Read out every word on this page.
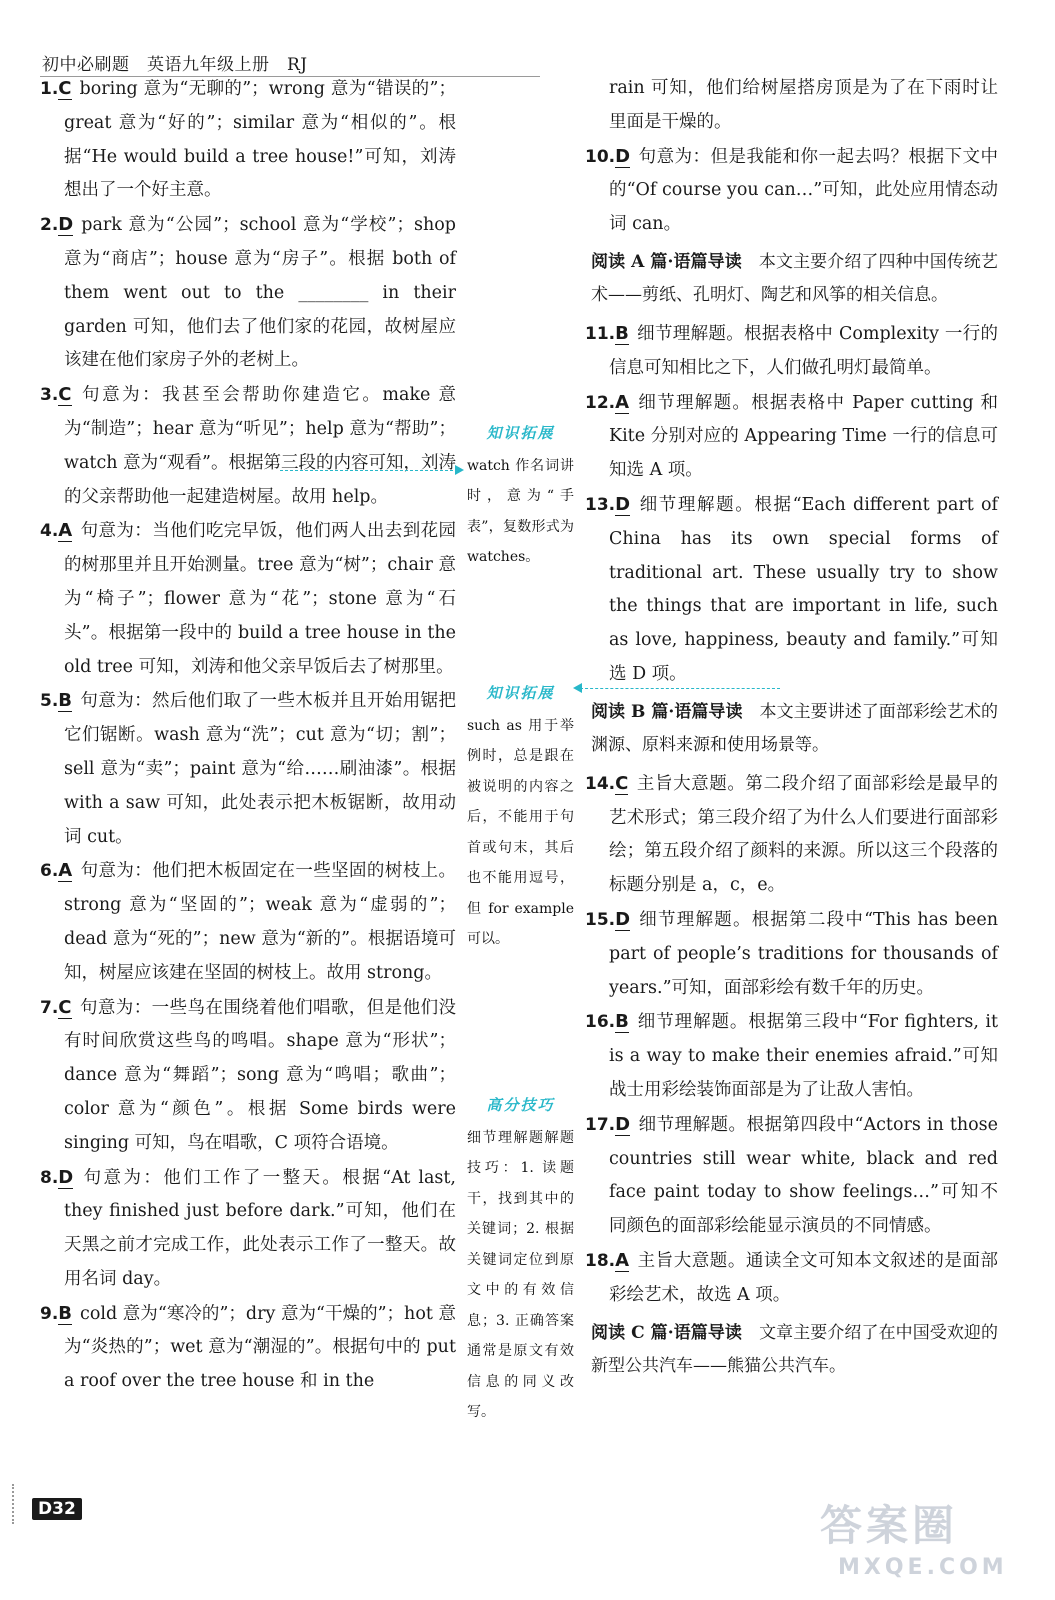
初中必刷题　英语九年级上册　RJ
1.C boring 意为“无聊的”；wrong 意为“错误的”；great 意为“好的”；similar 意为“相似的”。根据“He would build a tree house!”可知，刘涛想出了一个好主意。
2.D park 意为“公园”；school 意为“学校”；shop 意为“商店”；house 意为“房子”。根据 both of them went out to the ________ in their garden 可知，他们去了他们家的花园，故树屋应该建在他们家房子外的老树上。
3.C 句意为：我甚至会帮助你建造它。make 意为“制造”；hear 意为“听见”；help 意为“帮助”；watch 意为“观看”。根据第三段的内容可知，刘涛的父亲帮助他一起建造树屋。故用 help。
4.A 句意为：当他们吃完早饭，他们两人出去到花园的树那里并且开始测量。tree 意为“树”；chair 意为“椅子”；flower 意为“花”；stone 意为“石头”。根据第一段中的 build a tree house in the old tree 可知，刘涛和他父亲早饭后去了树那里。
5.B 句意为：然后他们取了一些木板并且开始用锯把它们锯断。wash 意为“洗”；cut 意为“切；割”；sell 意为“卖”；paint 意为“给……刷油漆”。根据 with a saw 可知，此处表示把木板锯断，故用动词 cut。
6.A 句意为：他们把木板固定在一些坚固的树枝上。strong 意为“坚固的”；weak 意为“虚弱的”；dead 意为“死的”；new 意为“新的”。根据语境可知，树屋应该建在坚固的树枝上。故用 strong。
7.C 句意为：一些鸟在围绕着他们唱歌，但是他们没有时间欣赏这些鸟的鸣唱。shape 意为“形状”；dance 意为“舞蹈”；song 意为“鸣唱；歌曲”；color 意为“颜色”。根据 Some birds were singing 可知，鸟在唱歌，C 项符合语境。
8.D 句意为：他们工作了一整天。根据“At last, they finished just before dark.”可知，他们在天黑之前才完成工作，此处表示工作了一整天。故用名词 day。
9.B cold 意为“寒冷的”；dry 意为“干燥的”；hot 意为“炎热的”；wet 意为“潮湿的”。根据句中的 put a roof over the tree house 和 in the
知识拓展
watch 作名词讲时，意为“手表”，复数形式为 watches。
知识拓展
such as 用于举例时，总是跟在被说明的内容之后，不能用于句首或句末，其后也不能用逗号，但 for example 可以。
高分技巧
细节理解题解题技巧：1. 读题干，找到其中的关键词；2. 根据关键词定位到原文中的有效信息；3. 正确答案通常是原文有效信息的同义改写。
rain 可知，他们给树屋搭房顶是为了在下雨时让里面是干燥的。
10.D 句意为：但是我能和你一起去吗？根据下文中的“Of course you can…”可知，此处应用情态动词 can。
阅读 A 篇·语篇导读　 本文主要介绍了四种中国传统艺术——剪纸、孔明灯、陶艺和风筝的相关信息。
11.B 细节理解题。根据表格中 Complexity 一行的信息可知相比之下，人们做孔明灯最简单。
12.A 细节理解题。根据表格中 Paper cutting 和 Kite 分别对应的 Appearing Time 一行的信息可知选 A 项。
13.D 细节理解题。根据“Each different part of China has its own special forms of traditional art. These usually try to show the things that are important in life, such as love, happiness, beauty and family.”可知选 D 项。
阅读 B 篇·语篇导读　 本文主要讲述了面部彩绘艺术的渊源、原料来源和使用场景等。
14.C 主旨大意题。第二段介绍了面部彩绘是最早的艺术形式；第三段介绍了为什么人们要进行面部彩绘；第五段介绍了颜料的来源。所以这三个段落的标题分别是 a，c，e。
15.D 细节理解题。根据第二段中“This has been part of people’s traditions for thousands of years.”可知，面部彩绘有数千年的历史。
16.B 细节理解题。根据第三段中“For fighters, it is a way to make their enemies afraid.”可知战士用彩绘装饰面部是为了让敌人害怕。
17.D 细节理解题。根据第四段中“Actors in those countries still wear white, black and red face paint today to show feelings…”可知不同颜色的面部彩绘能显示演员的不同情感。
18.A 主旨大意题。通读全文可知本文叙述的是面部彩绘艺术，故选 A 项。
阅读 C 篇·语篇导读　 文章主要介绍了在中国受欢迎的新型公共汽车——熊猫公共汽车。
D32	答案圈
MXQE.COM
